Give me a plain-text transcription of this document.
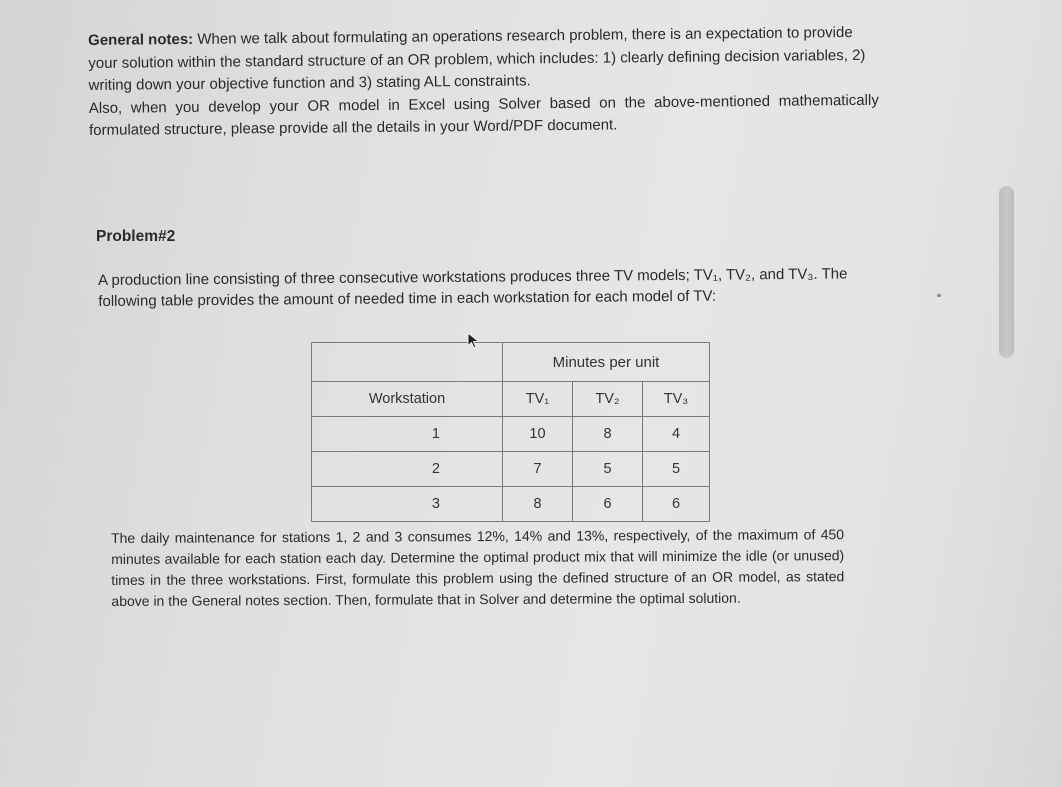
General notes: When we talk about formulating an operations research problem, there is an expectation to provide your solution within the standard structure of an OR problem, which includes: 1) clearly defining decision variables, 2) writing down your objective function and 3) stating ALL constraints.

Also, when you develop your OR model in Excel using Solver based on the above-mentioned mathematically formulated structure, please provide all the details in your Word/PDF document.

Problem#2

A production line consisting of three consecutive workstations produces three TV models; TV₁, TV₂, and TV₃. The following table provides the amount of needed time in each workstation for each model of TV:

	Minutes per unit		
Workstation	TV₁	TV₂	TV₃
1	10	8	4
2	7	5	5
3	8	6	6

The daily maintenance for stations 1, 2 and 3 consumes 12%, 14% and 13%, respectively, of the maximum of 450 minutes available for each station each day. Determine the optimal product mix that will minimize the idle (or unused) times in the three workstations. First, formulate this problem using the defined structure of an OR model, as stated above in the General notes section. Then, formulate that in Solver and determine the optimal solution.
